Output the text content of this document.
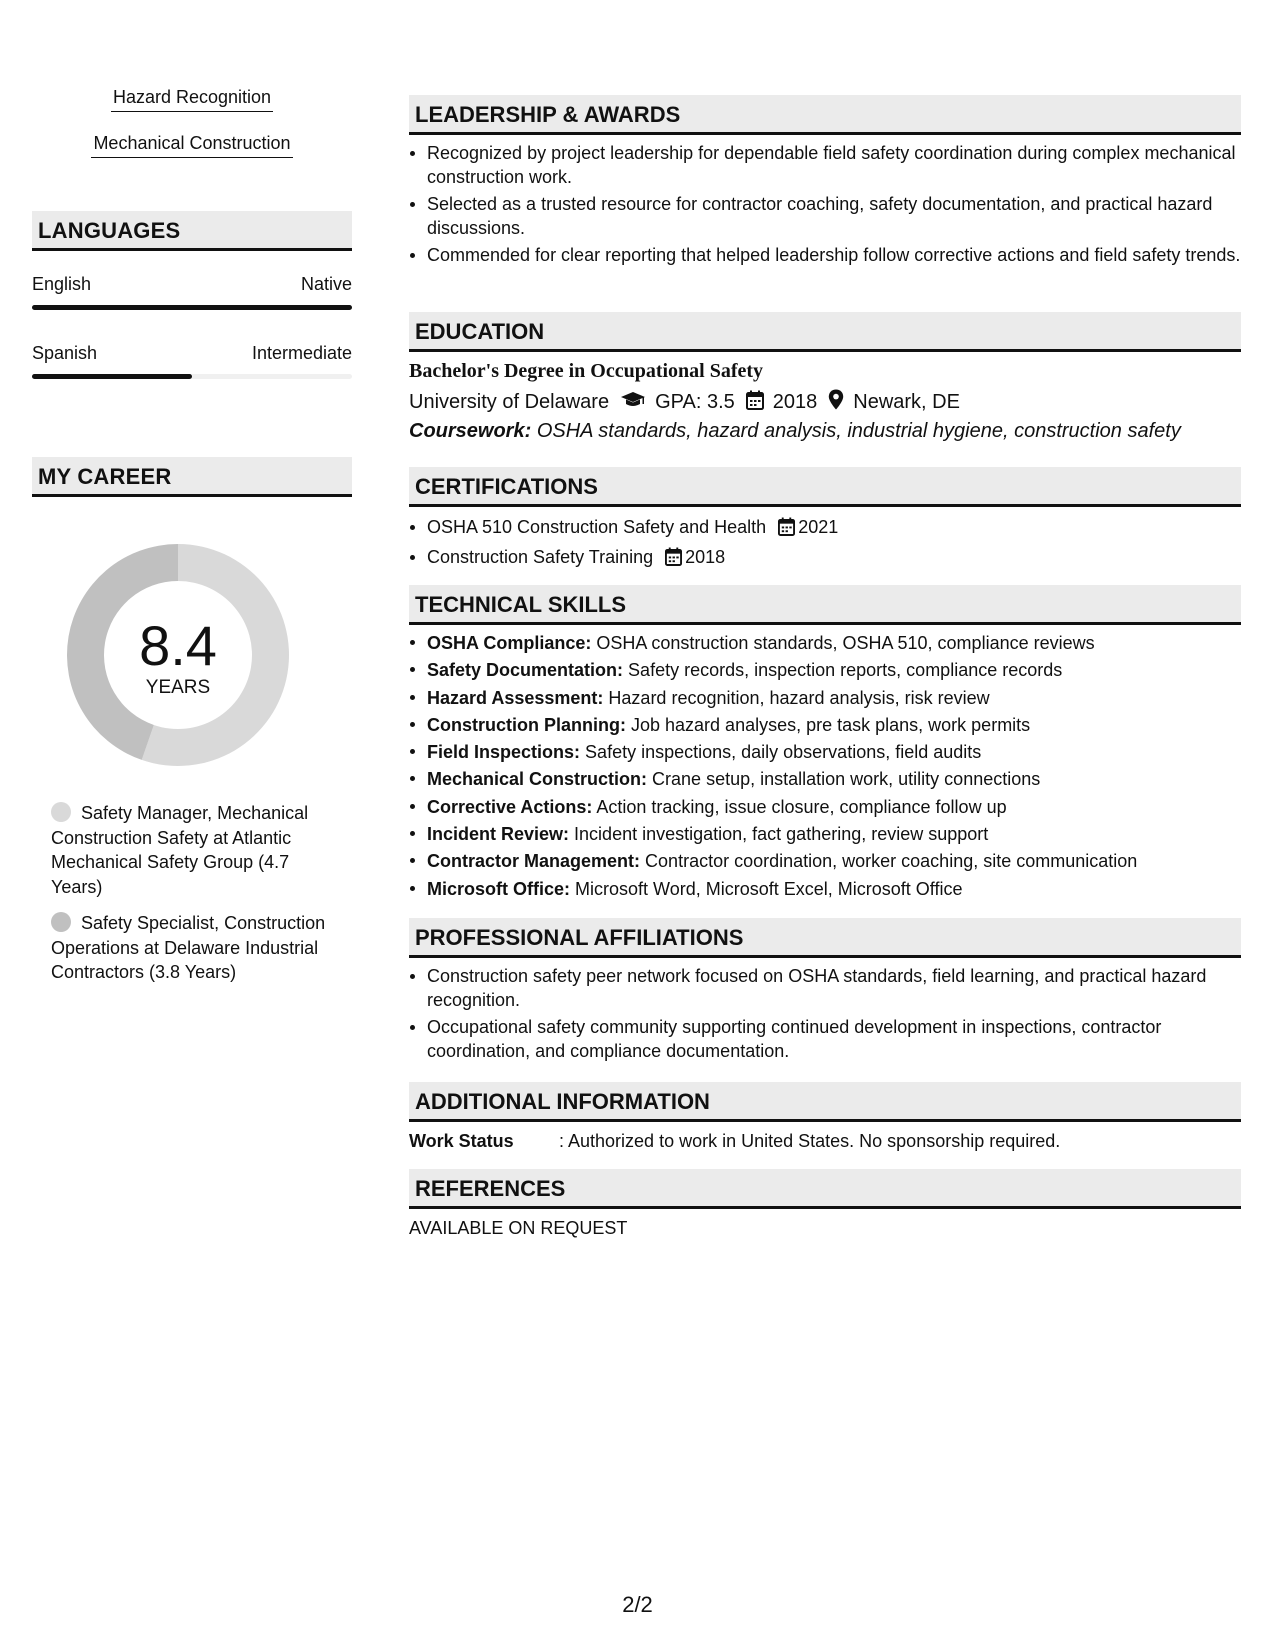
Hazard Recognition
Mechanical Construction
LANGUAGES
English	Native
Spanish	Intermediate
MY CAREER
8.4
YEARS
Safety Manager, Mechanical Construction Safety at Atlantic Mechanical Safety Group (4.7 Years)
Safety Specialist, Construction Operations at Delaware Industrial Contractors (3.8 Years)
LEADERSHIP & AWARDS
Recognized by project leadership for dependable field safety coordination during complex mechanical construction work.
Selected as a trusted resource for contractor coaching, safety documentation, and practical hazard discussions.
Commended for clear reporting that helped leadership follow corrective actions and field safety trends.
EDUCATION
Bachelor's Degree in Occupational Safety
University of Delaware GPA: 3.5 2018 Newark, DE
Coursework: OSHA standards, hazard analysis, industrial hygiene, construction safety
CERTIFICATIONS
OSHA 510 Construction Safety and Health 2021
Construction Safety Training 2018
TECHNICAL SKILLS
OSHA Compliance: OSHA construction standards, OSHA 510, compliance reviews
Safety Documentation: Safety records, inspection reports, compliance records
Hazard Assessment: Hazard recognition, hazard analysis, risk review
Construction Planning: Job hazard analyses, pre task plans, work permits
Field Inspections: Safety inspections, daily observations, field audits
Mechanical Construction: Crane setup, installation work, utility connections
Corrective Actions: Action tracking, issue closure, compliance follow up
Incident Review: Incident investigation, fact gathering, review support
Contractor Management: Contractor coordination, worker coaching, site communication
Microsoft Office: Microsoft Word, Microsoft Excel, Microsoft Office
PROFESSIONAL AFFILIATIONS
Construction safety peer network focused on OSHA standards, field learning, and practical hazard recognition.
Occupational safety community supporting continued development in inspections, contractor coordination, and compliance documentation.
ADDITIONAL INFORMATION
Work Status	: Authorized to work in United States. No sponsorship required.
REFERENCES
AVAILABLE ON REQUEST
2/2
